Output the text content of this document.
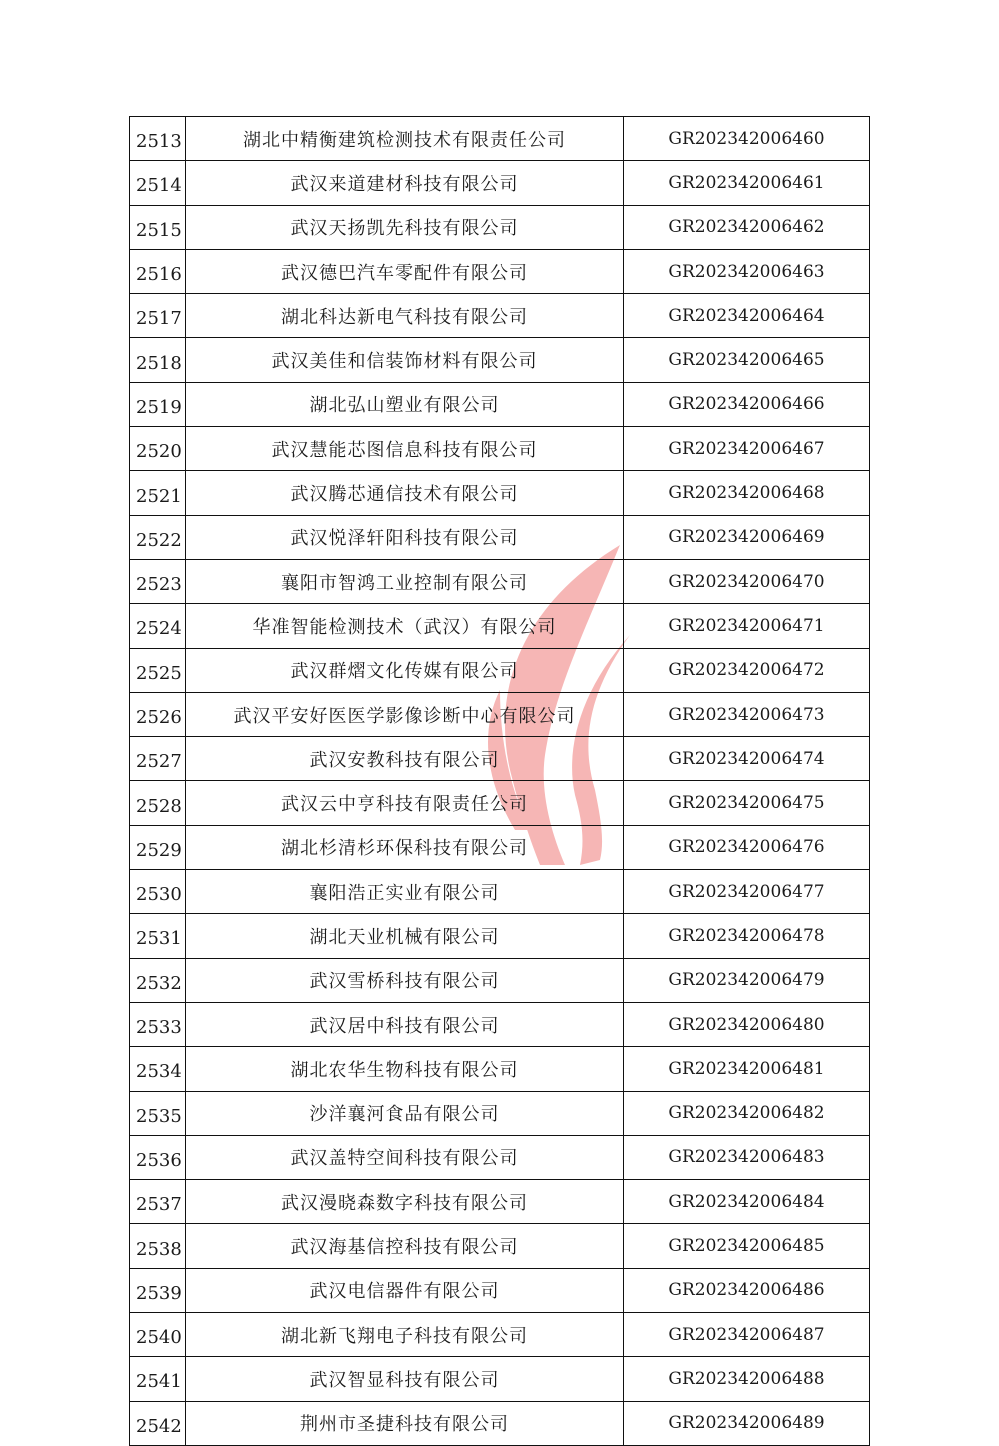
2513	湖北中精衡建筑检测技术有限责任公司	GR202342006460
2514	武汉来道建材科技有限公司	GR202342006461
2515	武汉天扬凯先科技有限公司	GR202342006462
2516	武汉德巴汽车零配件有限公司	GR202342006463
2517	湖北科达新电气科技有限公司	GR202342006464
2518	武汉美佳和信装饰材料有限公司	GR202342006465
2519	湖北弘山塑业有限公司	GR202342006466
2520	武汉慧能芯图信息科技有限公司	GR202342006467
2521	武汉腾芯通信技术有限公司	GR202342006468
2522	武汉悦泽轩阳科技有限公司	GR202342006469
2523	襄阳市智鸿工业控制有限公司	GR202342006470
2524	华准智能检测技术（武汉）有限公司	GR202342006471
2525	武汉群熠文化传媒有限公司	GR202342006472
2526	武汉平安好医医学影像诊断中心有限公司	GR202342006473
2527	武汉安教科技有限公司	GR202342006474
2528	武汉云中亨科技有限责任公司	GR202342006475
2529	湖北杉清杉环保科技有限公司	GR202342006476
2530	襄阳浩正实业有限公司	GR202342006477
2531	湖北天业机械有限公司	GR202342006478
2532	武汉雪桥科技有限公司	GR202342006479
2533	武汉居中科技有限公司	GR202342006480
2534	湖北农华生物科技有限公司	GR202342006481
2535	沙洋襄河食品有限公司	GR202342006482
2536	武汉盖特空间科技有限公司	GR202342006483
2537	武汉漫晓森数字科技有限公司	GR202342006484
2538	武汉海基信控科技有限公司	GR202342006485
2539	武汉电信器件有限公司	GR202342006486
2540	湖北新飞翔电子科技有限公司	GR202342006487
2541	武汉智显科技有限公司	GR202342006488
2542	荆州市圣捷科技有限公司	GR202342006489
